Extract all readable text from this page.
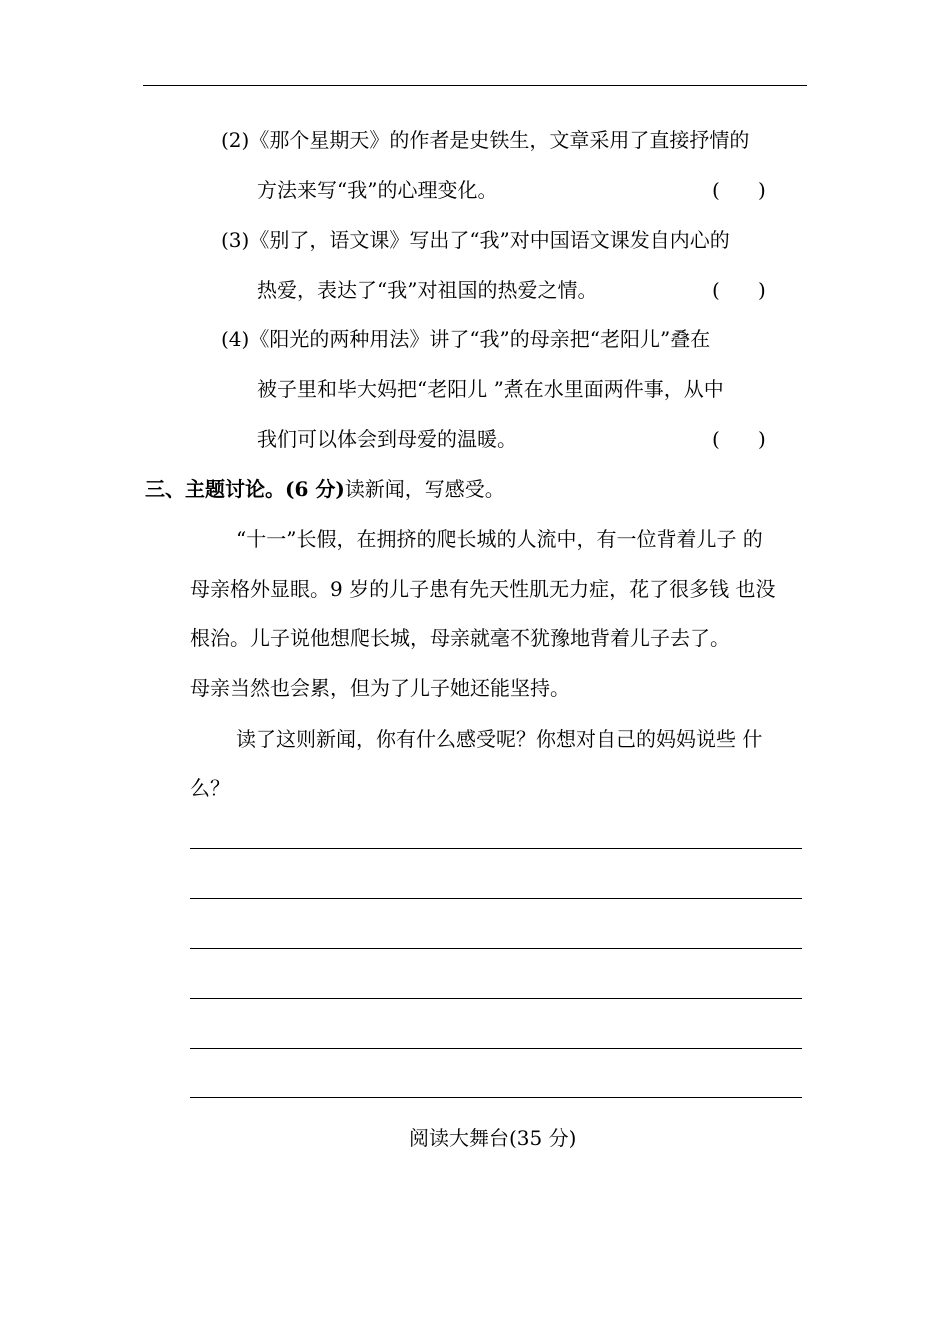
(2)《那个星期天》的作者是史铁生，文章采用了直接抒情的
方法来写“我”的心理变化。	(      )
(3)《别了，语文课》写出了“我”对中国语文课发自内心的
热爱，表达了“我”对祖国的热爱之情。	(      )
(4)《阳光的两种用法》讲了“我”的母亲把“老阳儿”叠在
被子里和毕大妈把“老阳儿 ”煮在水里面两件事，从中
我们可以体会到母爱的温暖。	(      )
三、主题讨论。(6 分)读新闻，写感受。
“十一”长假，在拥挤的爬长城的人流中，有一位背着儿子 的
母亲格外显眼。9 岁的儿子患有先天性肌无力症，花了很多钱 也没
根治。儿子说他想爬长城，母亲就毫不犹豫地背着儿子去了。
母亲当然也会累，但为了儿子她还能坚持。
读了这则新闻，你有什么感受呢？你想对自己的妈妈说些 什
么？
阅读大舞台(35 分)
